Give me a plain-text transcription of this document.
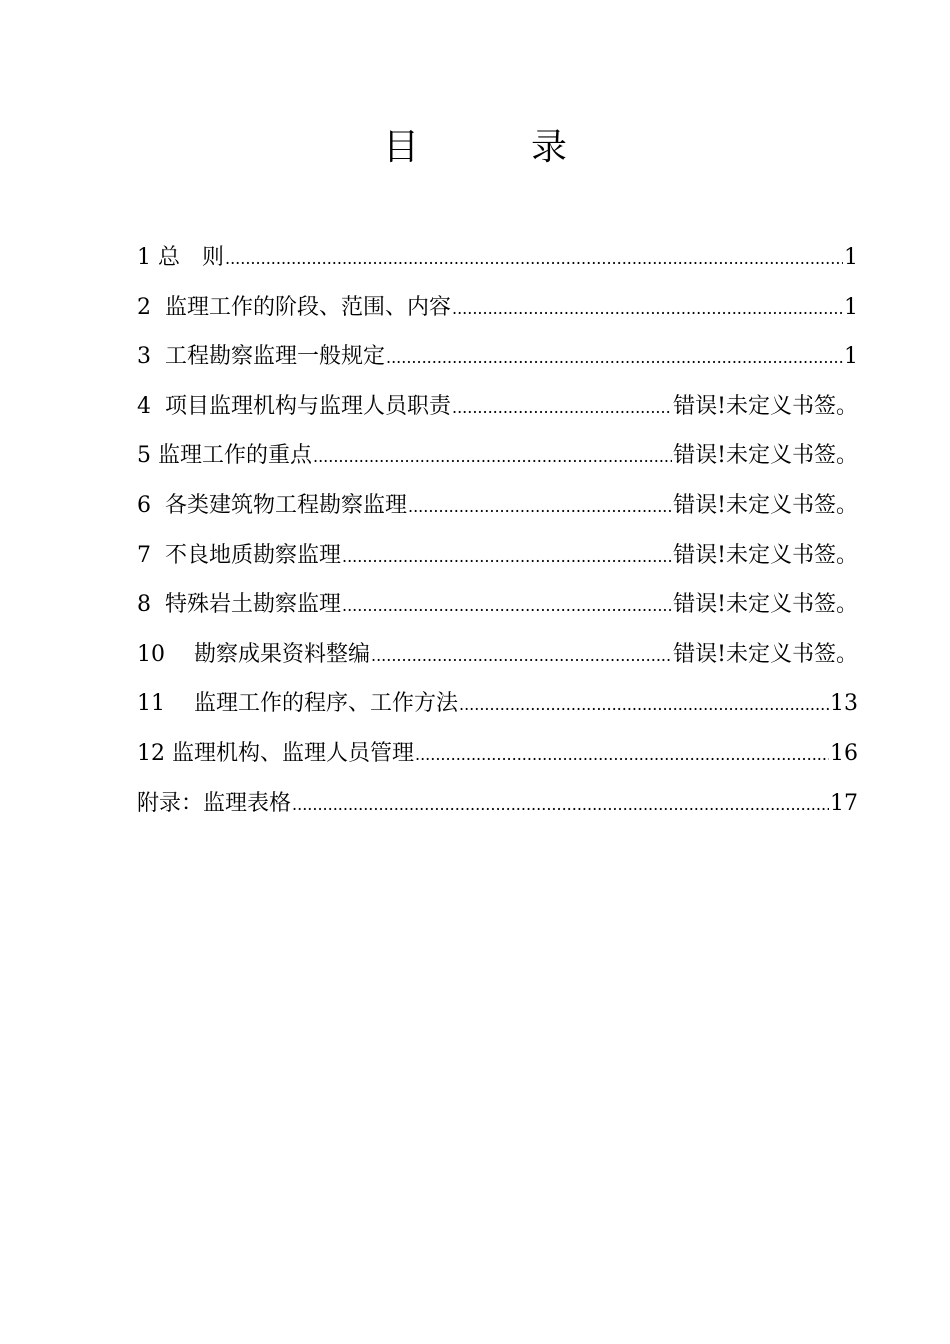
目　录
1 总　则 .....	1
2  监理工作的阶段、范围、内容 .....	1
3  工程勘察监理一般规定 .....	1
4  项目监理机构与监理人员职责 .....	错误!未定义书签。
5 监理工作的重点 .....	错误!未定义书签。
6  各类建筑物工程勘察监理 .....	错误!未定义书签。
7  不良地质勘察监理 .....	错误!未定义书签。
8  特殊岩土勘察监理 .....	错误!未定义书签。
10　 勘察成果资料整编 .....	错误!未定义书签。
11　 监理工作的程序、工作方法 .....	13
12 监理机构、监理人员管理 .....	16
附录：监理表格 .....	17
